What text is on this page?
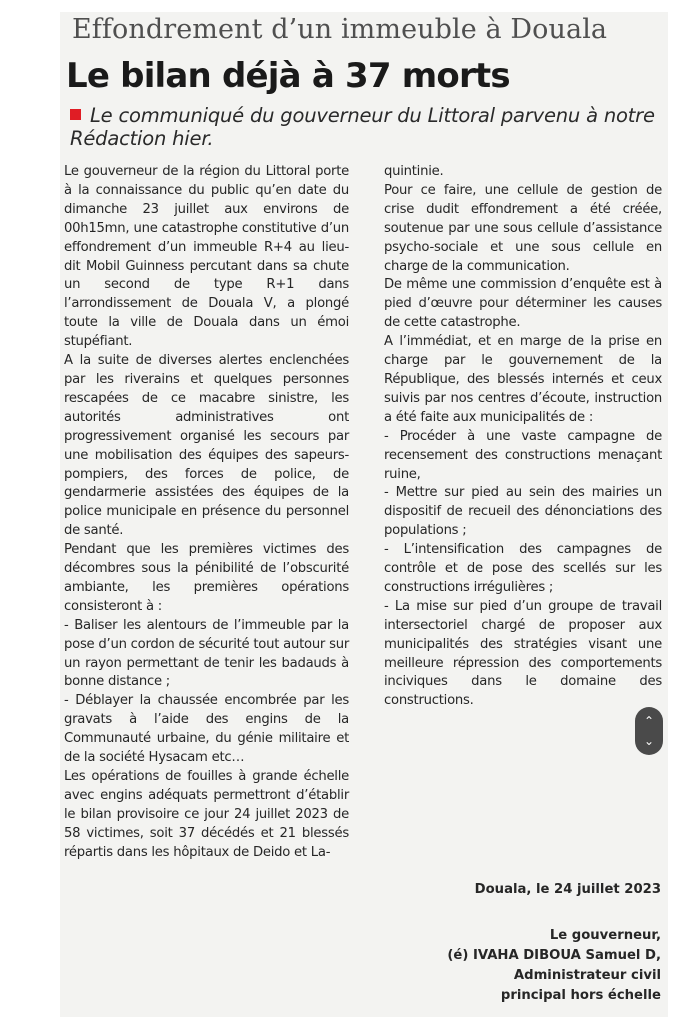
Effondrement d’un immeuble à Douala
Le bilan déjà à 37 morts
Le communiqué du gouverneur du Littoral parvenu à notre Rédaction hier.

Le gouverneur de la région du Littoral porte à la connaissance du public qu’en date du dimanche 23 juillet aux environs de 00h15mn, une catastrophe constitutive d’un effondrement d’un immeuble R+4 au lieu-dit Mobil Guinness percutant dans sa chute un second de type R+1 dans l’arrondissement de Douala V, a plongé toute la ville de Douala dans un émoi stupéfiant.

A la suite de diverses alertes enclenchées par les riverains et quelques personnes rescapées de ce macabre sinistre, les autorités administratives ont progressivement organisé les secours par une mobilisation des équipes des sapeurs-pompiers, des forces de police, de gendarmerie assistées des équipes de la police municipale en présence du personnel de santé.

Pendant que les premières victimes des décombres sous la pénibilité de l’obscurité ambiante, les premières opérations consisteront à :

- Baliser les alentours de l’immeuble par la pose d’un cordon de sécurité tout autour sur un rayon permettant de tenir les badauds à bonne distance ;

- Déblayer la chaussée encombrée par les gravats à l’aide des engins de la Communauté urbaine, du génie militaire et de la société Hysacam etc…

Les opérations de fouilles à grande échelle avec engins adéquats permettront d’établir le bilan provisoire ce jour 24 juillet 2023 de 58 victimes, soit 37 décédés et 21 blessés répartis dans les hôpitaux de Deido et La-

quintinie.

Pour ce faire, une cellule de gestion de crise dudit effondrement a été créée, soutenue par une sous cellule d’assistance psycho-sociale et une sous cellule en charge de la communication.

De même une commission d’enquête est à pied d’œuvre pour déterminer les causes de cette catastrophe.

A l’immédiat, et en marge de la prise en charge par le gouvernement de la République, des blessés internés et ceux suivis par nos centres d’écoute, instruction a été faite aux municipalités de :

- Procéder à une vaste campagne de recensement des constructions menaçant ruine,

- Mettre sur pied au sein des mairies un dispositif de recueil des dénonciations des populations ;

- L’intensification des campagnes de contrôle et de pose des scellés sur les constructions irrégulières ;

- La mise sur pied d’un groupe de travail intersectoriel chargé de proposer aux municipalités des stratégies visant une meilleure répression des comportements inciviques dans le domaine des constructions.

Douala, le 24 juillet 2023
Le gouverneur,
(é) IVAHA DIBOUA Samuel D,
Administrateur civil
principal hors échelle
⌃
⌄
